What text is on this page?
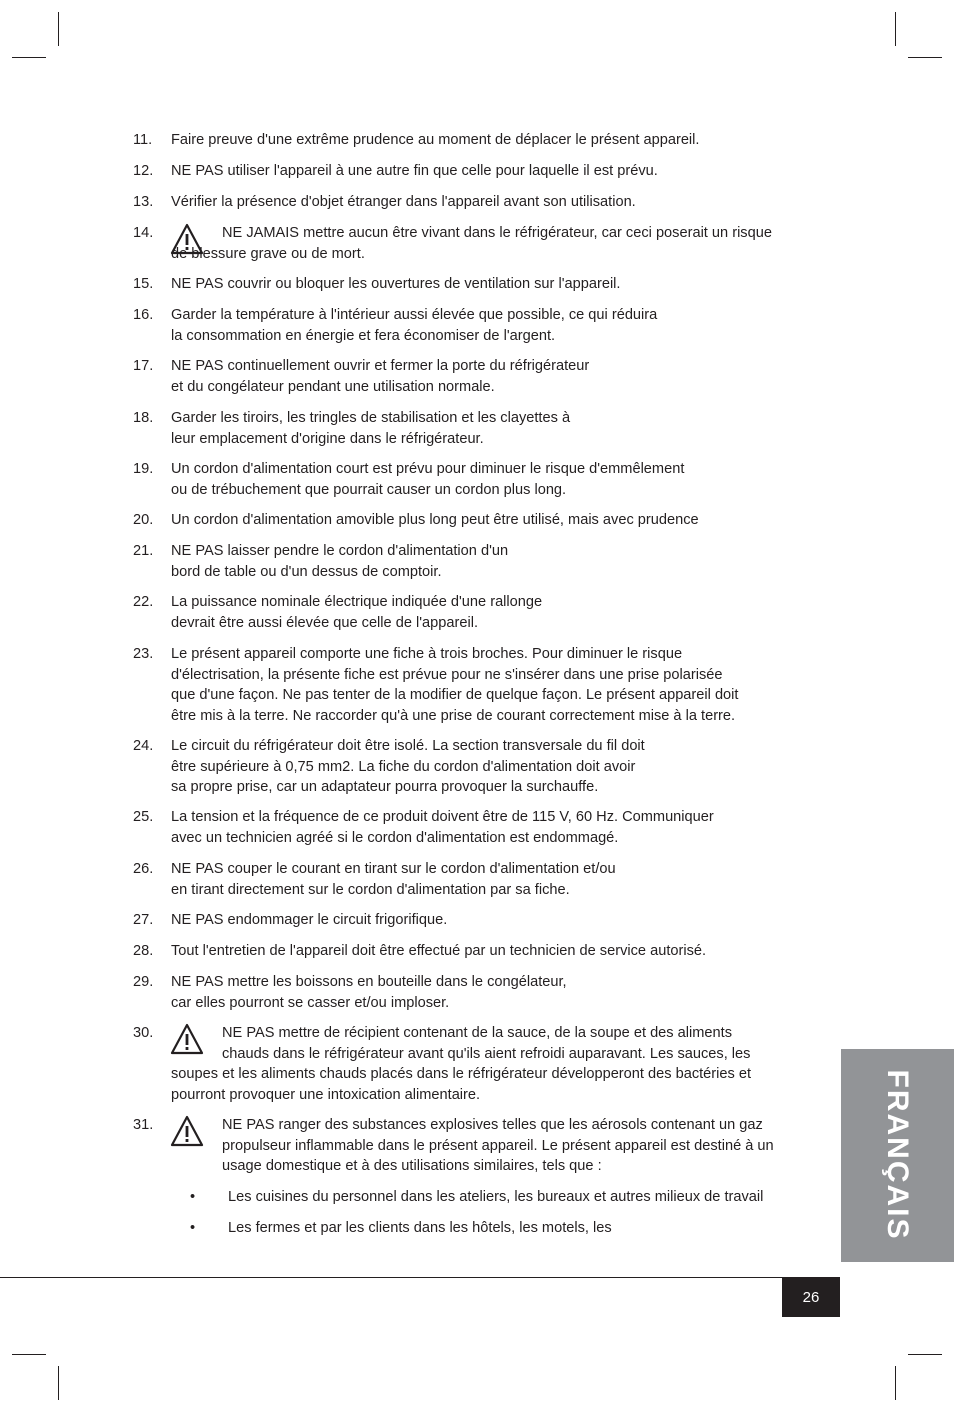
11. Faire preuve d'une extrême prudence au moment de déplacer le présent appareil.
12. NE PAS utiliser l'appareil à une autre fin que celle pour laquelle il est prévu.
13. Vérifier la présence d'objet étranger dans l'appareil avant son utilisation.
14.	NE JAMAIS mettre aucun être vivant dans le réfrigérateur, car ceci poserait un risque
de blessure grave ou de mort.
15. NE PAS couvrir ou bloquer les ouvertures de ventilation sur l'appareil.
16. Garder la température à l'intérieur aussi élevée que possible, ce qui réduira
la consommation en énergie et fera économiser de l'argent.
17. NE PAS continuellement ouvrir et fermer la porte du réfrigérateur
et du congélateur pendant une utilisation normale.
18. Garder les tiroirs, les tringles de stabilisation et les clayettes à
leur emplacement d'origine dans le réfrigérateur.
19. Un cordon d'alimentation court est prévu pour diminuer le risque d'emmêlement
ou de trébuchement que pourrait causer un cordon plus long.
20. Un cordon d'alimentation amovible plus long peut être utilisé, mais avec prudence
21. NE PAS laisser pendre le cordon d'alimentation d'un
bord de table ou d'un dessus de comptoir.
22. La puissance nominale électrique indiquée d'une rallonge
devrait être aussi élevée que celle de l'appareil.
23. Le présent appareil comporte une fiche à trois broches. Pour diminuer le risque
d'électrisation, la présente fiche est prévue pour ne s'insérer dans une prise polarisée
que d'une façon. Ne pas tenter de la modifier de quelque façon. Le présent appareil doit
être mis à la terre. Ne raccorder qu'à une prise de courant correctement mise à la terre.
24. Le circuit du réfrigérateur doit être isolé. La section transversale du fil doit
être supérieure à 0,75 mm2. La fiche du cordon d'alimentation doit avoir
sa propre prise, car un adaptateur pourra provoquer la surchauffe.
25. La tension et la fréquence de ce produit doivent être de 115 V, 60 Hz. Communiquer
avec un technicien agréé si le cordon d'alimentation est endommagé.
26. NE PAS couper le courant en tirant sur le cordon d'alimentation et/ou
en tirant directement sur le cordon d'alimentation par sa fiche.
27. NE PAS endommager le circuit frigorifique.
28. Tout l'entretien de l'appareil doit être effectué par un technicien de service autorisé.
29. NE PAS mettre les boissons en bouteille dans le congélateur,
car elles pourront se casser et/ou imploser.
30.	NE PAS mettre de récipient contenant de la sauce, de la soupe et des aliments
chauds dans le réfrigérateur avant qu'ils aient refroidi auparavant. Les sauces, les
soupes et les aliments chauds placés dans le réfrigérateur développeront des bactéries et
pourront provoquer une intoxication alimentaire.
31.	NE PAS ranger des substances explosives telles que les aérosols contenant un gaz
propulseur inflammable dans le présent appareil. Le présent appareil est destiné à un
usage domestique et à des utilisations similaires, tels que :
• Les cuisines du personnel dans les ateliers, les bureaux et autres milieux de travail
• Les fermes et par les clients dans les hôtels, les motels, les
26
FRANÇAIS
